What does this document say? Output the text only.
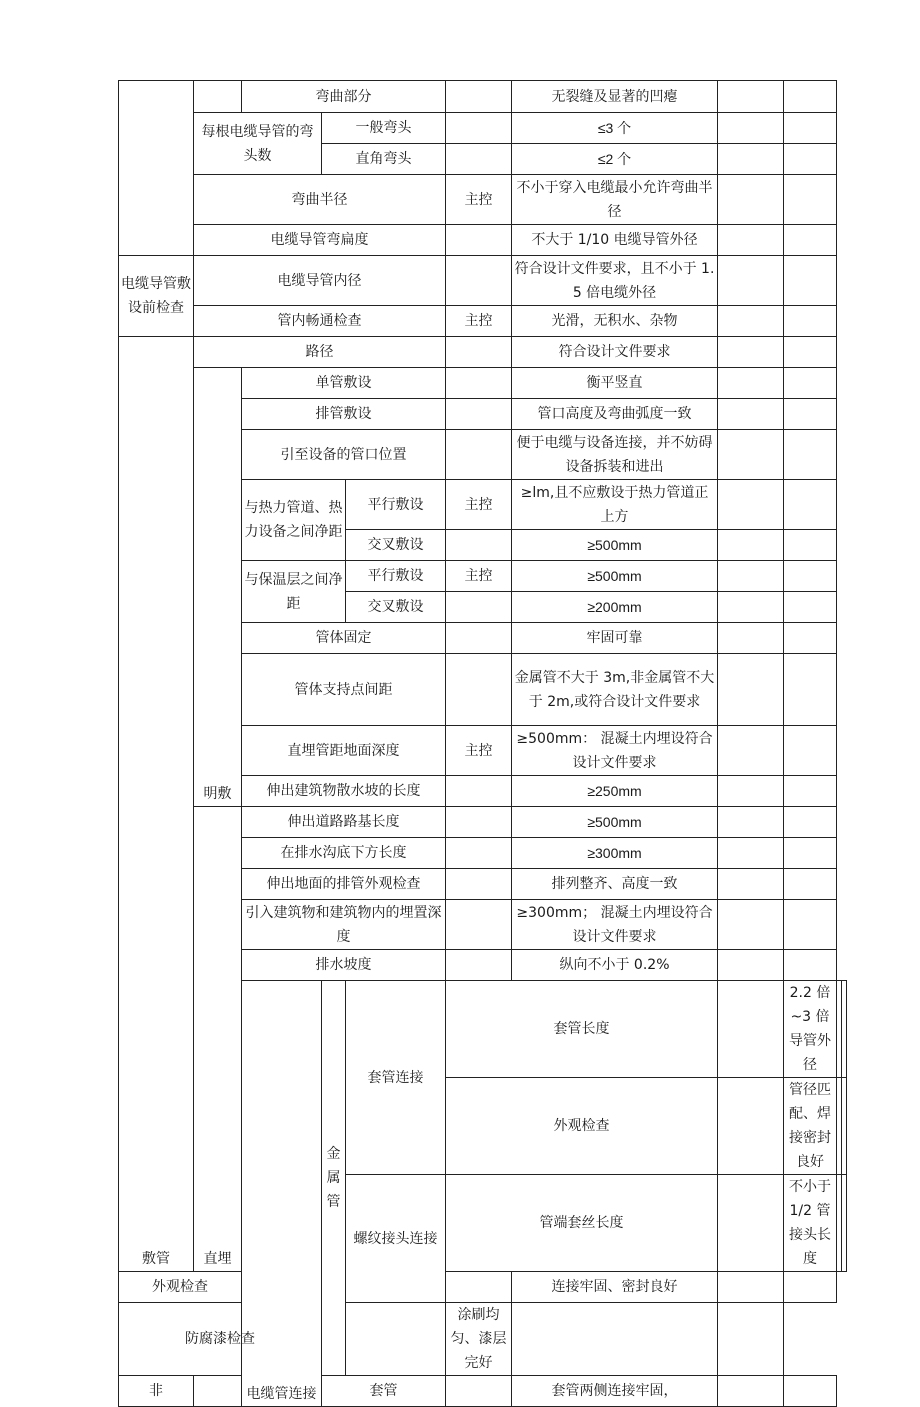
		弯曲部分				无裂缝及显著的凹瘪				
	每根电缆导管的弯头数		一般弯头			≤3 个				
			直角弯头			≤2 个				
	弯曲半径				主控	不小于穿入电缆最小允许弯曲半径				
	电缆导管弯扁度					不大于 1/10 电缆导管外径				
电缆导管敷设前检查	电缆导管内径					符合设计文件要求，且不小于 1.5 倍电缆外径				
	管内畅通检查				主控	光滑，无积水、杂物				
敷管	路径					符合设计文件要求				
	明敷	单管敷设				衡平竖直				
		排管敷设				管口高度及弯曲弧度一致				
		引至设备的管口位置				便于电缆与设备连接，并不妨碍设备拆装和进出				
		与热力管道、热力设备之间净距		平行敷设	主控	≥lm,且不应敷设于热力管道正上方				
				交叉敷设		≥500mm				
		与保温层之间净距		平行敷设	主控	≥500mm				
				交叉敷设		≥200mm				
		管体固定				牢固可靠				
		管体支持点间距				金属管不大于 3m,非金属管不大于 2m,或符合设计文件要求				
		直埋管距地面深度			主控	≥500mm： 混凝土内埋设符合设计文件要求				
		伸出建筑物散水坡的长度				≥250mm				
	直埋	伸出道路路基长度				≥500mm				
		在排水沟底下方长度				≥300mm				
		伸出地面的排管外观检查				排列整齐、高度一致				
		引入建筑物和建筑物内的埋置深度				≥300mm； 混凝土内埋设符合设计文件要求				
		排水坡度				纵向不小于 0.2%				
		电缆管连接	金属管	套管连接	套管长度			2.2 倍~3 倍导管外径		
					外观检查			管径匹配、焊接密封良好		
				螺纹接头连接	管端套丝长度			不小于 1/2 管接头长度		
外观检查						连接牢固、密封良好				
防腐漆检查					涂刷均匀、漆层完好					
非			套管			套管两侧连接牢固，				
